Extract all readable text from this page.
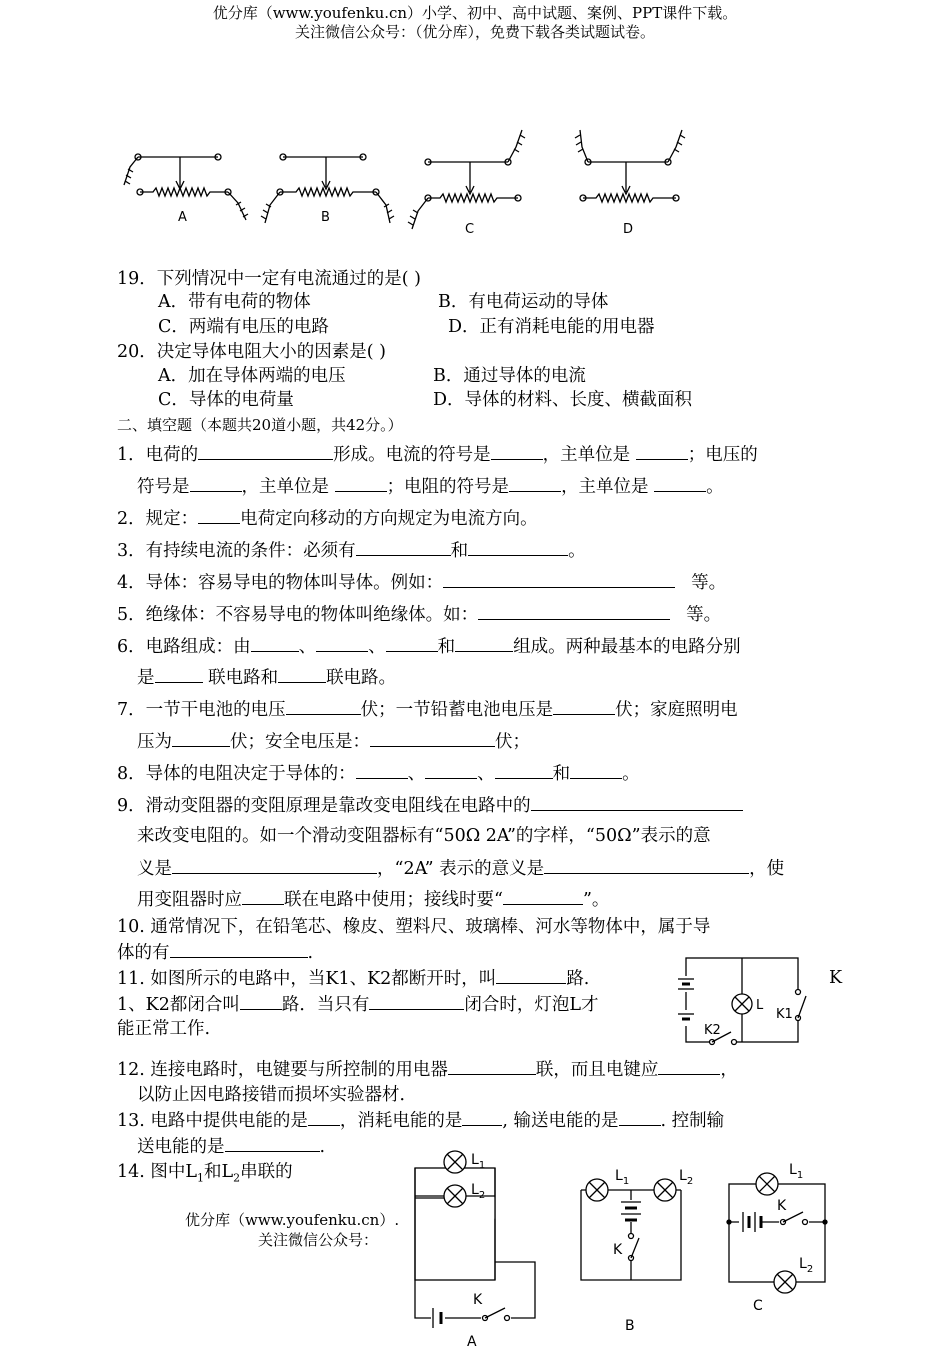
优分库（www.youfenku.cn）小学、初中、高中试题、案例、PPT课件下载。
关注微信公众号：（优分库），免费下载各类试题试卷。
A	B
C	D
19．下列情况中一定有电流通过的是( )
A．带有电荷的物体	B．有电荷运动的导体
C．两端有电压的电路	D．正有消耗电能的用电器
20．决定导体电阻大小的因素是( )
A．加在导体两端的电压	B．通过导体的电流
C．导体的电荷量	D．导体的材料、长度、横截面积
二、填空题（本题共20道小题，共42分。）
1．电荷的	形成。电流的符号是	，主单位是	；电压的
符号是	，主单位是	；电阻的符号是	，主单位是	。
2．规定： 电荷定向移动的方向规定为电流方向。
3．有持续电流的条件：必须有	和	。
4．导体：容易导电的物体叫导体。例如：	等。
5．绝缘体：不容易导电的物体叫绝缘体。如：	等。
6．电路组成：由	、	、	和	组成。两种最基本的电路分别
是	联电路和	联电路。
7．一节干电池的电压	伏；一节铅蓄电池电压是	伏；家庭照明电
压为	伏；安全电压是：	伏；
8．导体的电阻决定于导体的：	、	、	和	。
9．滑动变阻器的变阻原理是靠改变电阻线在电路中的
来改变电阻的。如一个滑动变阻器标有“50Ω 2A”的字样，“50Ω”表示的意
义是	，“2A” 表示的意义是	，使
用变阻器时应 联在电路中使用；接线时要“	”。
10. 通常情况下，在铅笔芯、橡皮、塑料尺、玻璃棒、河水等物体中，属于导
体的有	.
11. 如图所示的电路中，当K1、K2都断开时，叫	路.	K
1、K2都闭合叫 路．当只有	闭合时，灯泡L才
能正常工作.
L
K1
K2
12. 连接电路时，电键要与所控制的用电器	联，而且电键应	，
以防止因电路接错而损坏实验器材．
13. 电路中提供电能的是 ，消耗电能的是 , 输送电能的是 . 控制输
送电能的是	.
14. 图中$L_1$和$L_2$串联的
$L_1$
$L_2$
K
A
$L_1$	$L_2$
K
B
$L_1$
K
$L_2$
C
优分库（www.youfenku.cn）.
关注微信公众号：
